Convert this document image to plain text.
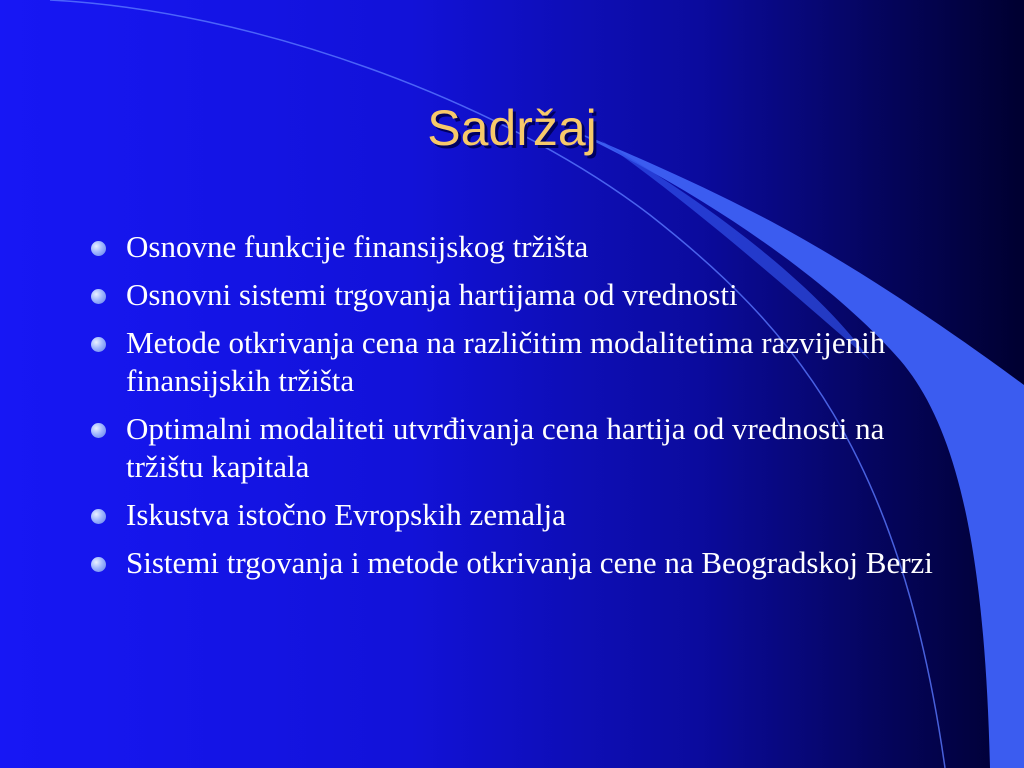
Sadržaj
Osnovne funkcije finansijskog tržišta
Osnovni sistemi trgovanja hartijama od vrednosti
Metode otkrivanja cena na različitim modalitetima razvijenih finansijskih tržišta
Optimalni modaliteti utvrđivanja cena hartija od vrednosti na tržištu kapitala
Iskustva istočno Evropskih zemalja
Sistemi trgovanja i metode otkrivanja cene na Beogradskoj Berzi
